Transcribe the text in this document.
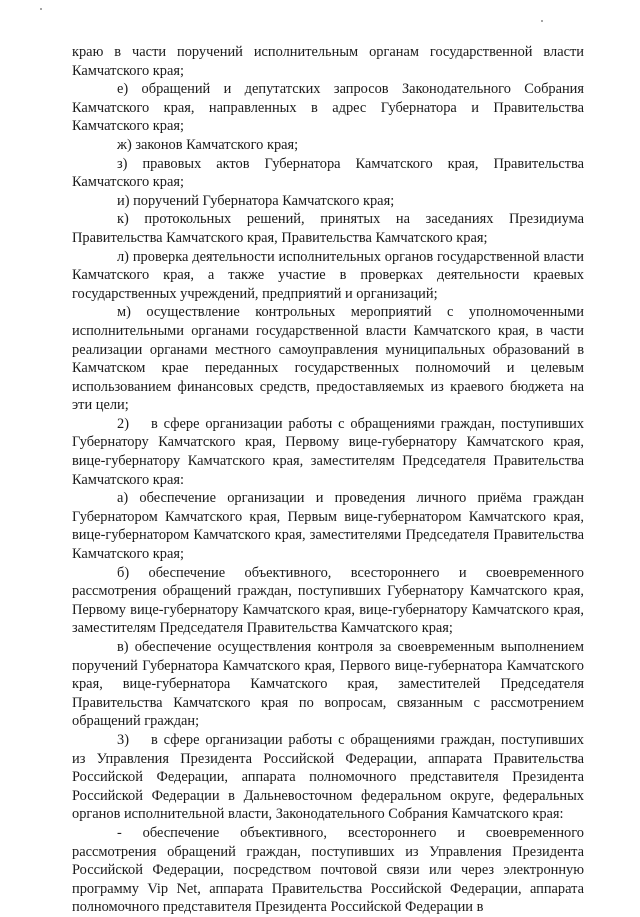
краю в части поручений исполнительным органам государственной власти Камчатского края;

е) обращений и депутатских запросов Законодательного Собрания Камчатского края, направленных в адрес Губернатора и Правительства Камчатского края;

ж) законов Камчатского края;

з) правовых актов Губернатора Камчатского края, Правительства Камчатского края;

и) поручений Губернатора Камчатского края;

к) протокольных решений, принятых на заседаниях Президиума Правительства Камчатского края, Правительства Камчатского края;

л) проверка деятельности исполнительных органов государственной власти Камчатского края, а также участие в проверках деятельности краевых государственных учреждений, предприятий и организаций;

м) осуществление контрольных мероприятий с уполномоченными исполнительными органами государственной власти Камчатского края, в части реализации органами местного самоуправления муниципальных образований в Камчатском крае переданных государственных полномочий и целевым использованием финансовых средств, предоставляемых из краевого бюджета на эти цели;

2) в сфере организации работы с обращениями граждан, поступивших Губернатору Камчатского края, Первому вице-губернатору Камчатского края, вице-губернатору Камчатского края, заместителям Председателя Правительства Камчатского края:

а) обеспечение организации и проведения личного приёма граждан Губернатором Камчатского края, Первым вице-губернатором Камчатского края, вице-губернатором Камчатского края, заместителями Председателя Правительства Камчатского края;

б) обеспечение объективного, всестороннего и своевременного рассмотрения обращений граждан, поступивших Губернатору Камчатского края, Первому вице-губернатору Камчатского края, вице-губернатору Камчатского края, заместителям Председателя Правительства Камчатского края;

в) обеспечение осуществления контроля за своевременным выполнением поручений Губернатора Камчатского края, Первого вице-губернатора Камчатского края, вице-губернатора Камчатского края, заместителей Председателя Правительства Камчатского края по вопросам, связанным с рассмотрением обращений граждан;

3) в сфере организации работы с обращениями граждан, поступивших из Управления Президента Российской Федерации, аппарата Правительства Российской Федерации, аппарата полномочного представителя Президента Российской Федерации в Дальневосточном федеральном округе, федеральных органов исполнительной власти, Законодательного Собрания Камчатского края:

- обеспечение объективного, всестороннего и своевременного рассмотрения обращений граждан, поступивших из Управления Президента Российской Федерации, посредством почтовой связи или через электронную программу Vip Net, аппарата Правительства Российской Федерации, аппарата полномочного представителя Президента Российской Федерации в
